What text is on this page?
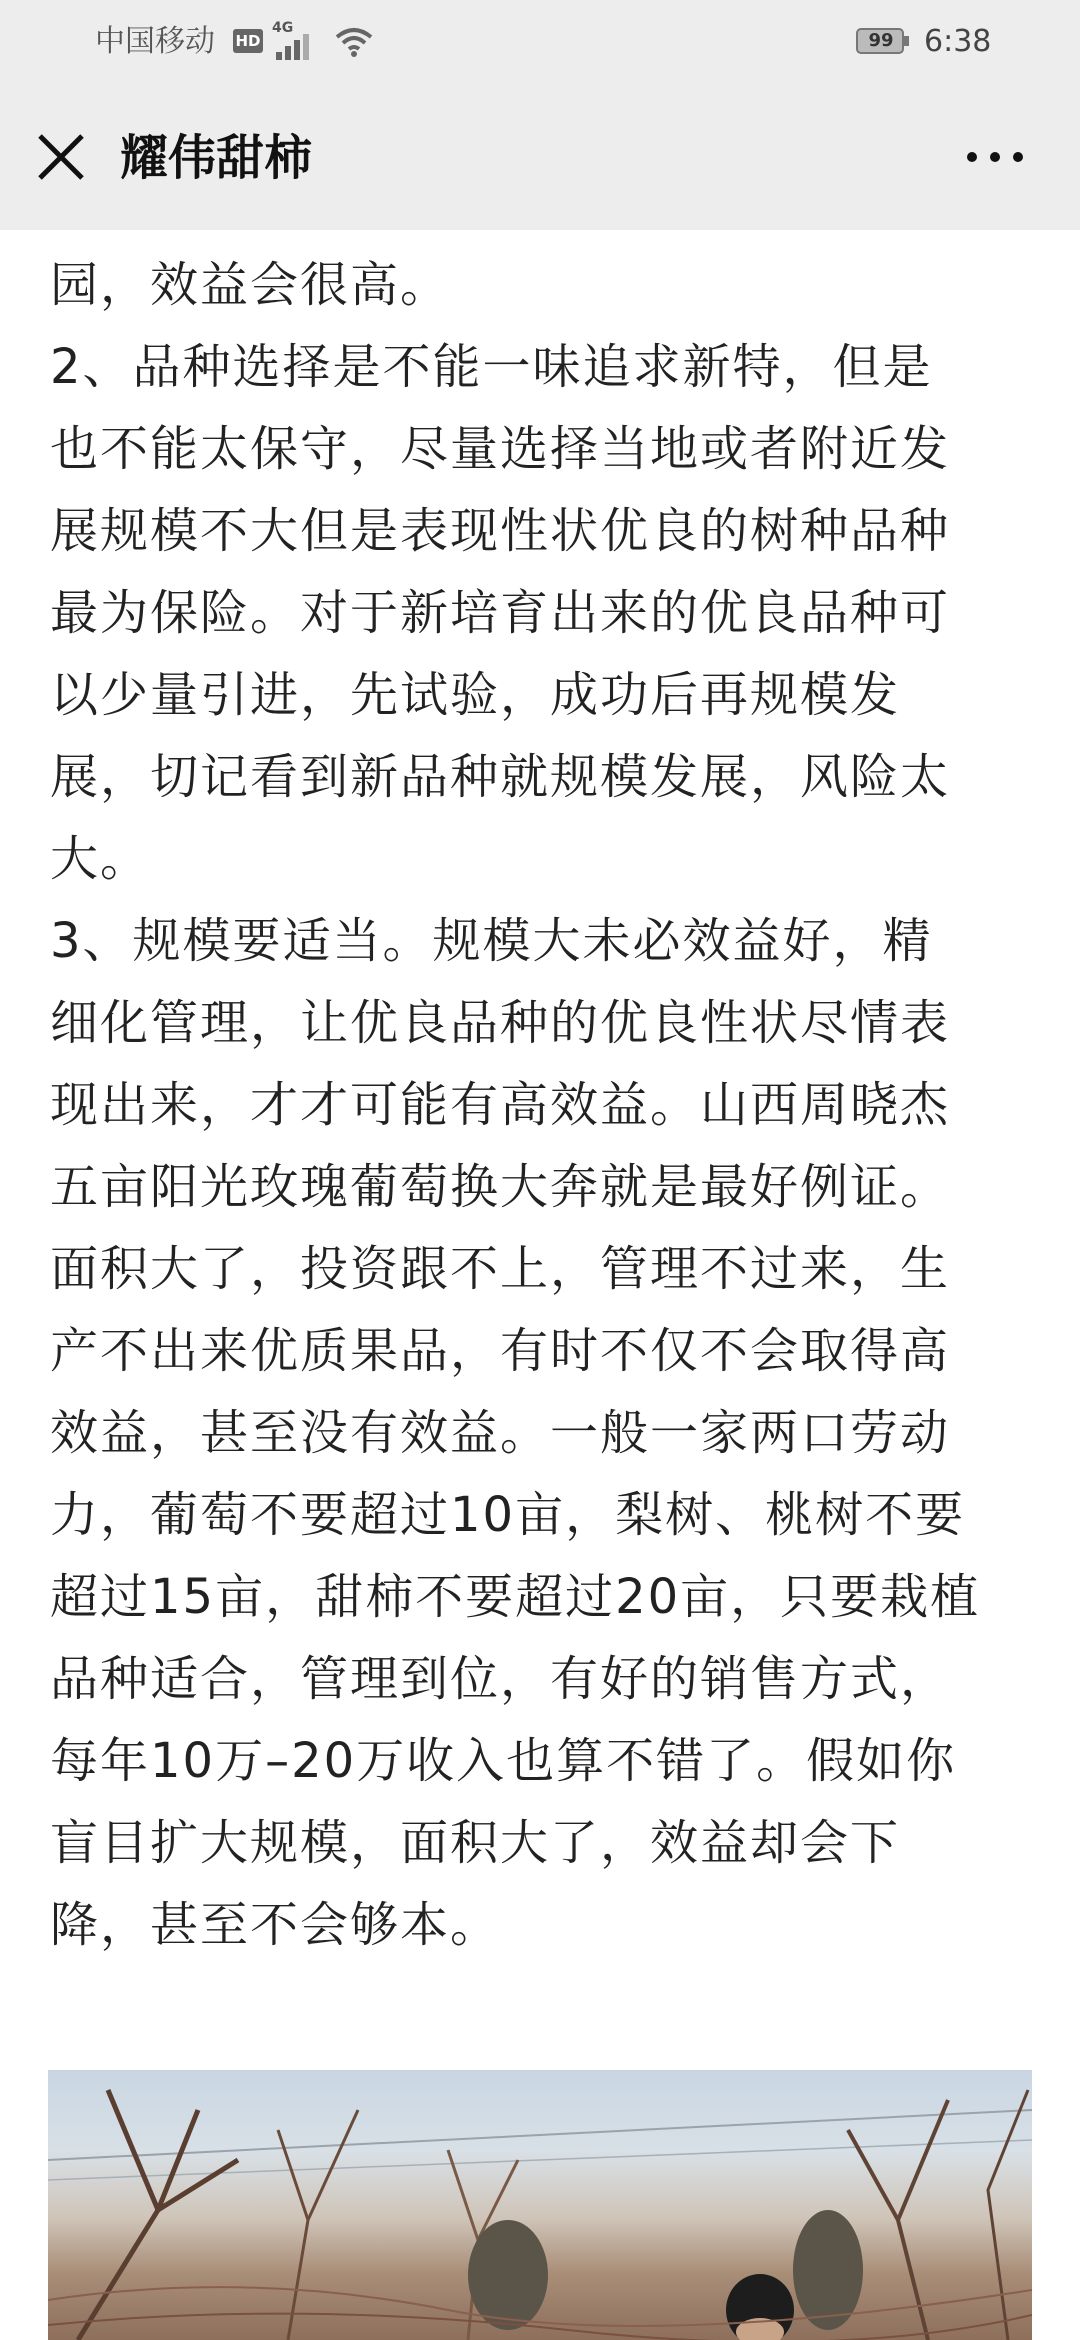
中国移动 HD
4G
99	6:38
耀伟甜柿
园，效益会很高。
2、品种选择是不能一味追求新特，但是
也不能太保守，尽量选择当地或者附近发
展规模不大但是表现性状优良的树种品种
最为保险。对于新培育出来的优良品种可
以少量引进，先试验，成功后再规模发
展，切记看到新品种就规模发展，风险太
大。
3、规模要适当。规模大未必效益好，精
细化管理，让优良品种的优良性状尽情表
现出来，才才可能有高效益。山西周晓杰
五亩阳光玫瑰葡萄换大奔就是最好例证。
面积大了，投资跟不上，管理不过来，生
产不出来优质果品，有时不仅不会取得高
效益，甚至没有效益。一般一家两口劳动
力，葡萄不要超过10亩，梨树、桃树不要
超过15亩，甜柿不要超过20亩，只要栽植
品种适合，管理到位，有好的销售方式，
每年10万–20万收入也算不错了。假如你
盲目扩大规模，面积大了，效益却会下
降，甚至不会够本。
